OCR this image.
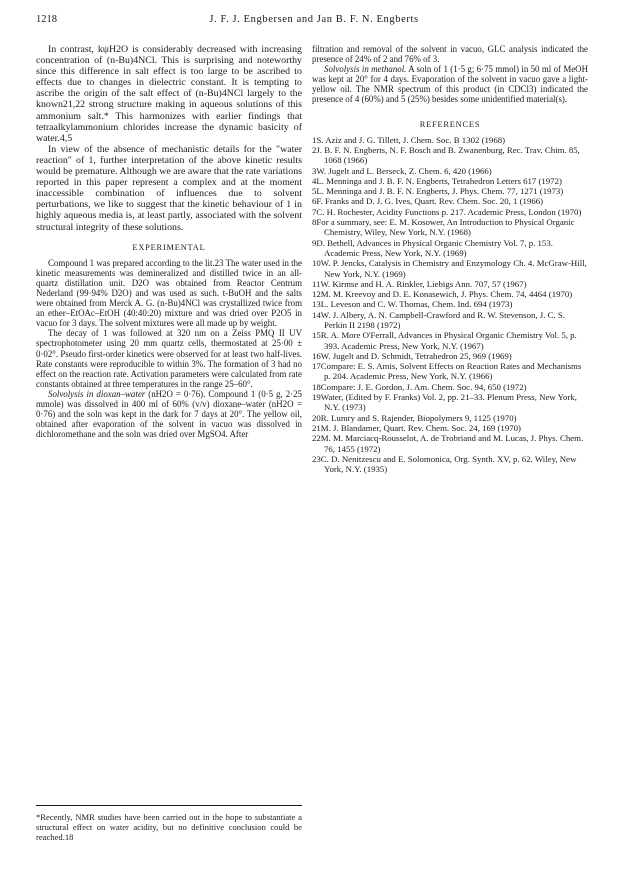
1218	J. F. J. Engbersen and Jan B. F. N. Engberts

In contrast, kψH2O is considerably decreased with increasing concentration of (n-Bu)4NCl. This is surprising and noteworthy since this difference in salt effect is too large to be ascribed to effects due to changes in dielectric constant. It is tempting to ascribe the origin of the salt effect of (n-Bu)4NCl largely to the known21,22 strong structure making in aqueous solutions of this ammonium salt.* This harmonizes with earlier findings that tetraalkylammonium chlorides increase the dynamic basicity of water.4,5

In view of the absence of mechanistic details for the "water reaction" of 1, further interpretation of the above kinetic results would be premature. Although we are aware that the rate variations reported in this paper represent a complex and at the moment inaccessible combination of influences due to solvent perturbations, we like to suggest that the kinetic behaviour of 1 in highly aqueous media is, at least partly, associated with the solvent structural integrity of these solutions.

EXPERIMENTAL

Compound 1 was prepared according to the lit.23 The water used in the kinetic measurements was demineralized and distilled twice in an all-quartz distillation unit. D2O was obtained from Reactor Centrum Nederland (99·94% D2O) and was used as such. t-BuOH and the salts were obtained from Merck A. G. (n-Bu)4NCl was crystallized twice from an ether–EtOAc–EtOH (40:40:20) mixture and was dried over P2O5 in vacuo for 3 days. The solvent mixtures were all made up by weight.

The decay of 1 was followed at 320 nm on a Zeiss PMQ II UV spectrophotometer using 20 mm quartz cells, thermostated at 25·00 ± 0·02°. Pseudo first-order kinetics were observed for at least two half-lives. Rate constants were reproducible to within 3%. The formation of 3 had no effect on the reaction rate. Activation parameters were calculated from rate constants obtained at three temperatures in the range 25–60°.

Solvolysis in dioxan–water (nH2O = 0·76). Compound 1 (0·5 g, 2·25 mmole) was dissolved in 400 ml of 60% (v/v) dioxane–water (nH2O = 0·76) and the soln was kept in the dark for 7 days at 20°. The yellow oil, obtained after evaporation of the solvent in vacuo was dissolved in dichloromethane and the soln was dried over MgSO4. After

*Recently, NMR studies have been carried out in the hope to substantiate a structural effect on water acidity, but no definitive conclusion could be reached.18

filtration and removal of the solvent in vacuo, GLC analysis indicated the presence of 24% of 2 and 76% of 3.

Solvolysis in methanol. A soln of 1 (1·5 g; 6·75 mmol) in 50 ml of MeOH was kept at 20° for 4 days. Evaporation of the solvent in vacuo gave a light-yellow oil. The NMR spectrum of this product (in CDCl3) indicated the presence of 4 (60%) and 5 (25%) besides some unidentified material(s).

REFERENCES

1S. Aziz and J. G. Tillett, J. Chem. Soc. B 1302 (1968)

2J. B. F. N. Engberts, N. F. Bosch and B. Zwanenburg, Rec. Trav. Chim. 85, 1068 (1966)

3W. Jugelt and L. Berseck, Z. Chem. 6, 420 (1966)

4L. Menninga and J. B. F. N. Engberts, Tetrahedron Letters 617 (1972)

5L. Menninga and J. B. F. N. Engberts, J. Phys. Chem. 77, 1271 (1973)

6F. Franks and D. J. G. Ives, Quart. Rev. Chem. Soc. 20, 1 (1966)

7C. H. Rochester, Acidity Functions p. 217. Academic Press, London (1970)

8For a summary, see: E. M. Kosower, An Introduction to Physical Organic Chemistry, Wiley, New York, N.Y. (1968)

9D. Bethell, Advances in Physical Organic Chemistry Vol. 7, p. 153. Academic Press, New York, N.Y. (1969)

10W. P. Jencks, Catalysis in Chemistry and Enzymology Ch. 4. McGraw-Hill, New York, N.Y. (1969)

11W. Kirmse and H. A. Rinkler, Liebigs Ann. 707, 57 (1967)

12M. M. Kreevoy and D. E. Konasewich, J. Phys. Chem. 74, 4464 (1970)

13L. Leveson and C. W. Thomas, Chem. Ind. 694 (1973)

14W. J. Albery, A. N. Campbell-Crawford and R. W. Stevenson, J. C. S. Perkin II 2198 (1972)

15R. A. More O'Ferrall, Advances in Physical Organic Chemistry Vol. 5, p. 393. Academic Press, New York, N.Y. (1967)

16W. Jugelt and D. Schmidt, Tetrahedron 25, 969 (1969)

17Compare: E. S. Amis, Solvent Effects on Reaction Rates and Mechanisms p. 204. Academic Press, New York, N.Y. (1966)

18Compare: J. E. Gordon, J. Am. Chem. Soc. 94, 650 (1972)

19Water, (Edited by F. Franks) Vol. 2, pp. 21–33. Plenum Press, New York, N.Y. (1973)

20R. Lumry and S. Rajender, Biopolymers 9, 1125 (1970)

21M. J. Blandamer, Quart. Rev. Chem. Soc. 24, 169 (1970)

22M. M. Marciacq-Rousselot, A. de Trobriand and M. Lucas, J. Phys. Chem. 76, 1455 (1972)

23C. D. Nenitzescu and E. Solomonica, Org. Synth. XV, p. 62. Wiley, New York, N.Y. (1935)
